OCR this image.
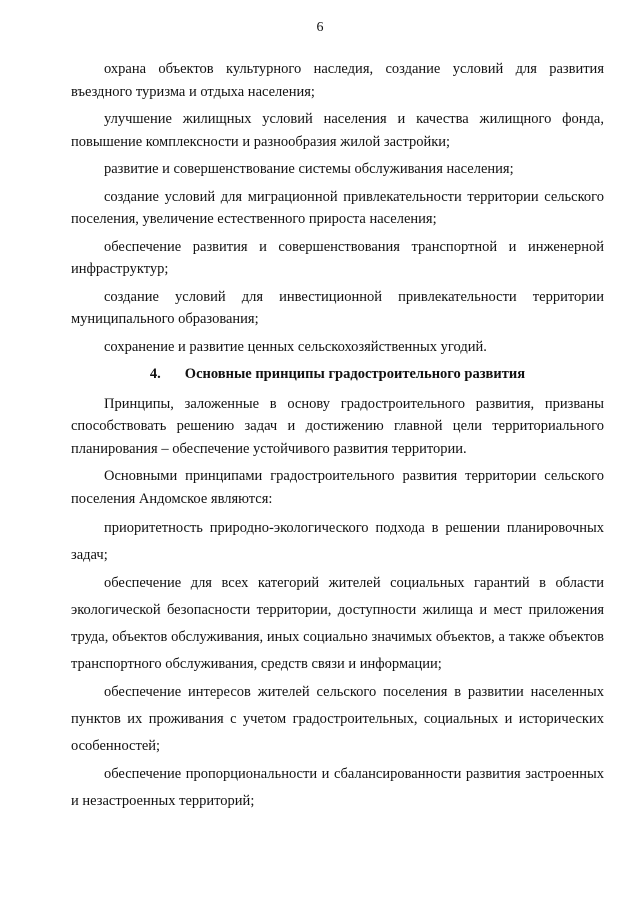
6

охрана объектов культурного наследия, создание условий для развития въездного туризма и отдыха населения;

улучшение жилищных условий населения и качества жилищного фонда, повышение комплексности и разнообразия жилой застройки;

развитие и совершенствование системы обслуживания населения;

создание условий для миграционной привлекательности территории сельского поселения, увеличение естественного прироста населения;

обеспечение развития и совершенствования транспортной и инженерной инфраструктур;

создание условий для инвестиционной привлекательности территории муниципального образования;

сохранение и развитие ценных сельскохозяйственных угодий.

4. Основные принципы градостроительного развития

Принципы, заложенные в основу градостроительного развития, призваны способствовать решению задач и достижению главной цели территориального планирования – обеспечение устойчивого развития территории.

Основными принципами градостроительного развития территории сельского поселения Андомское являются:

приоритетность природно-экологического подхода в решении планировочных задач;

обеспечение для всех категорий жителей социальных гарантий в области экологической безопасности территории, доступности жилища и мест приложения труда, объектов обслуживания, иных социально значимых объектов, а также объектов транспортного обслуживания, средств связи и информации;

обеспечение интересов жителей сельского поселения в развитии населенных пунктов их проживания с учетом градостроительных, социальных и исторических особенностей;

обеспечение пропорциональности и сбалансированности развития застроенных и незастроенных территорий;
